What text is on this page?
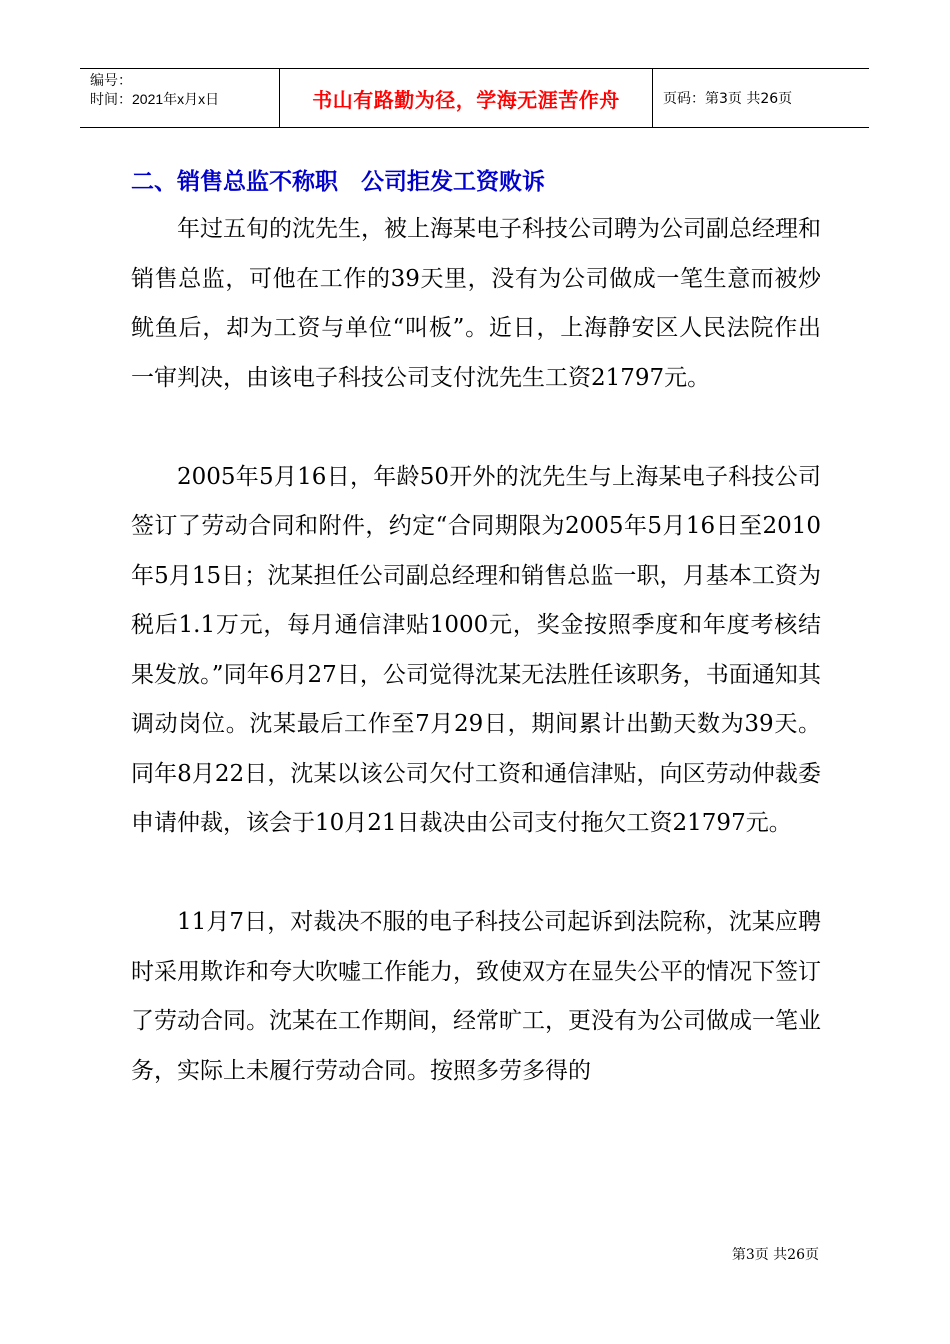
编号：
时间：2021年x月x日	书山有路勤为径，学海无涯苦作舟	页码：第3页 共26页
二、销售总监不称职　公司拒发工资败诉

年过五旬的沈先生，被上海某电子科技公司聘为公司副总经理和销售总监，可他在工作的39天里，没有为公司做成一笔生意而被炒鱿鱼后，却为工资与单位“叫板”。近日，上海静安区人民法院作出一审判决，由该电子科技公司支付沈先生工资21797元。

2005年5月16日，年龄50开外的沈先生与上海某电子科技公司签订了劳动合同和附件，约定“合同期限为2005年5月16日至2010年5月15日；沈某担任公司副总经理和销售总监一职，月基本工资为税后1.1万元，每月通信津贴1000元，奖金按照季度和年度考核结果发放。”同年6月27日，公司觉得沈某无法胜任该职务，书面通知其调动岗位。沈某最后工作至7月29日，期间累计出勤天数为39天。同年8月22日，沈某以该公司欠付工资和通信津贴，向区劳动仲裁委申请仲裁，该会于10月21日裁决由公司支付拖欠工资21797元。

11月7日，对裁决不服的电子科技公司起诉到法院称，沈某应聘时采用欺诈和夸大吹嘘工作能力，致使双方在显失公平的情况下签订了劳动合同。沈某在工作期间，经常旷工，更没有为公司做成一笔业务，实际上未履行劳动合同。按照多劳多得的

第3页 共26页
